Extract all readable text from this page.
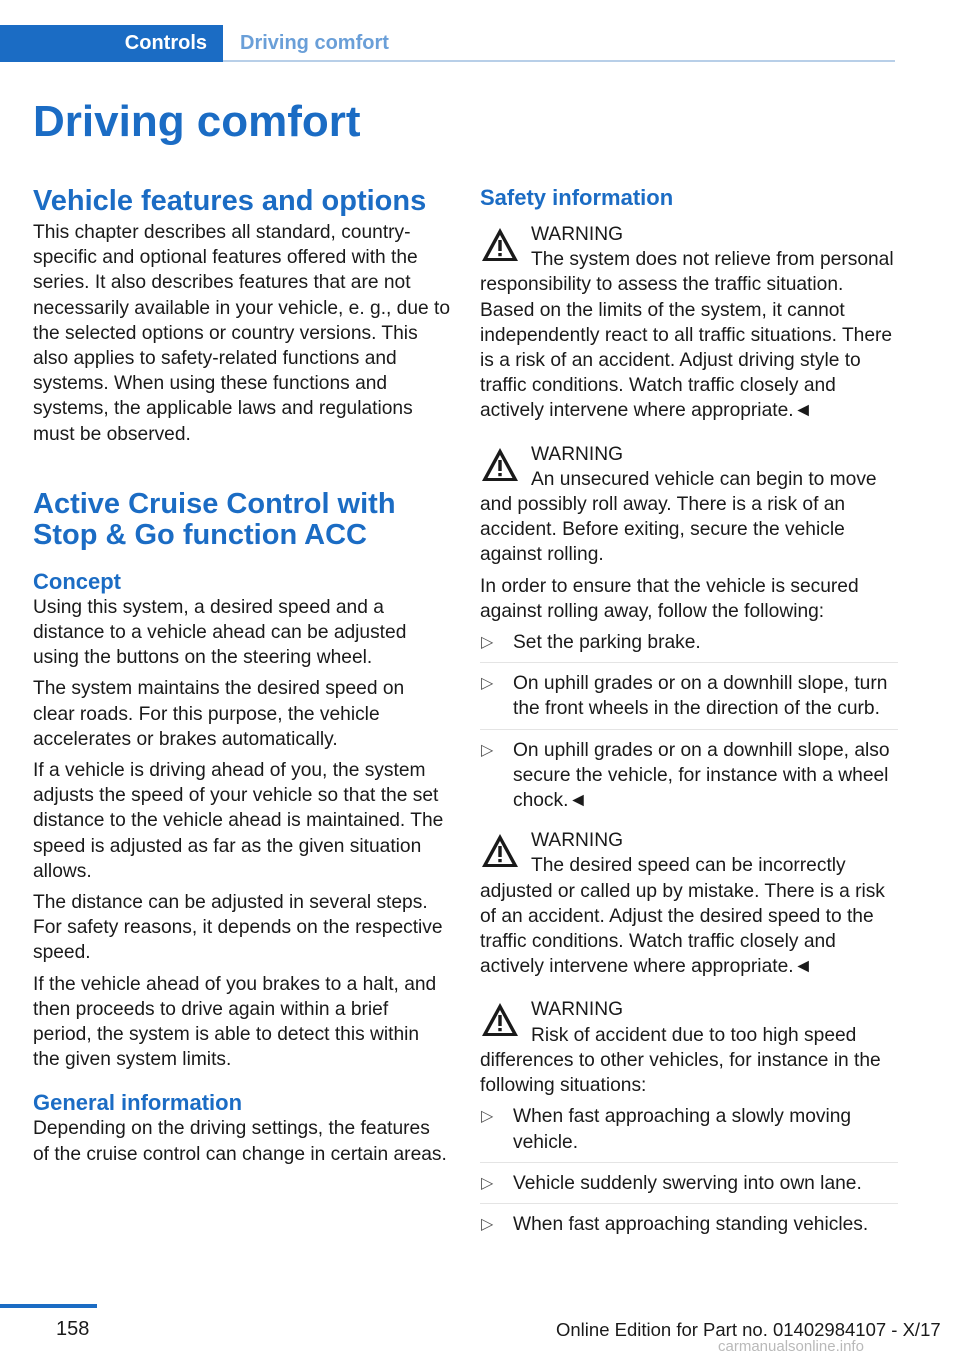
Controls	Driving comfort
Driving comfort
Vehicle features and options

This chapter describes all standard, country-specific and optional features offered with the series. It also describes features that are not necessarily available in your vehicle, e. g., due to the selected options or country versions. This also applies to safety-related functions and systems. When using these functions and systems, the applicable laws and regulations must be observed.

Active Cruise Control with Stop & Go function ACC
Concept

Using this system, a desired speed and a distance to a vehicle ahead can be adjusted using the buttons on the steering wheel.

The system maintains the desired speed on clear roads. For this purpose, the vehicle accelerates or brakes automatically.

If a vehicle is driving ahead of you, the system adjusts the speed of your vehicle so that the set distance to the vehicle ahead is maintained. The speed is adjusted as far as the given situation allows.

The distance can be adjusted in several steps. For safety reasons, it depends on the respective speed.

If the vehicle ahead of you brakes to a halt, and then proceeds to drive again within a brief period, the system is able to detect this within the given system limits.

General information

Depending on the driving settings, the features of the cruise control can change in certain areas.

Safety information
WARNING
The system does not relieve from personal responsibility to assess the traffic situation. Based on the limits of the system, it cannot independently react to all traffic situations. There is a risk of an accident. Adjust driving style to traffic conditions. Watch traffic closely and actively intervene where appropriate.◄
WARNING
An unsecured vehicle can begin to move and possibly roll away. There is a risk of an accident. Before exiting, secure the vehicle against rolling.

In order to ensure that the vehicle is secured against rolling away, follow the following:

▷ Set the parking brake.
▷ On uphill grades or on a downhill slope, turn the front wheels in the direction of the curb.
▷ On uphill grades or on a downhill slope, also secure the vehicle, for instance with a wheel chock.◄
WARNING
The desired speed can be incorrectly adjusted or called up by mistake. There is a risk of an accident. Adjust the desired speed to the traffic conditions. Watch traffic closely and actively intervene where appropriate.◄
WARNING
Risk of accident due to too high speed differences to other vehicles, for instance in the following situations:
▷ When fast approaching a slowly moving vehicle.
▷ Vehicle suddenly swerving into own lane.
▷ When fast approaching standing vehicles.
158	Online Edition for Part no. 01402984107 - X/17
carmanualsonline.info
